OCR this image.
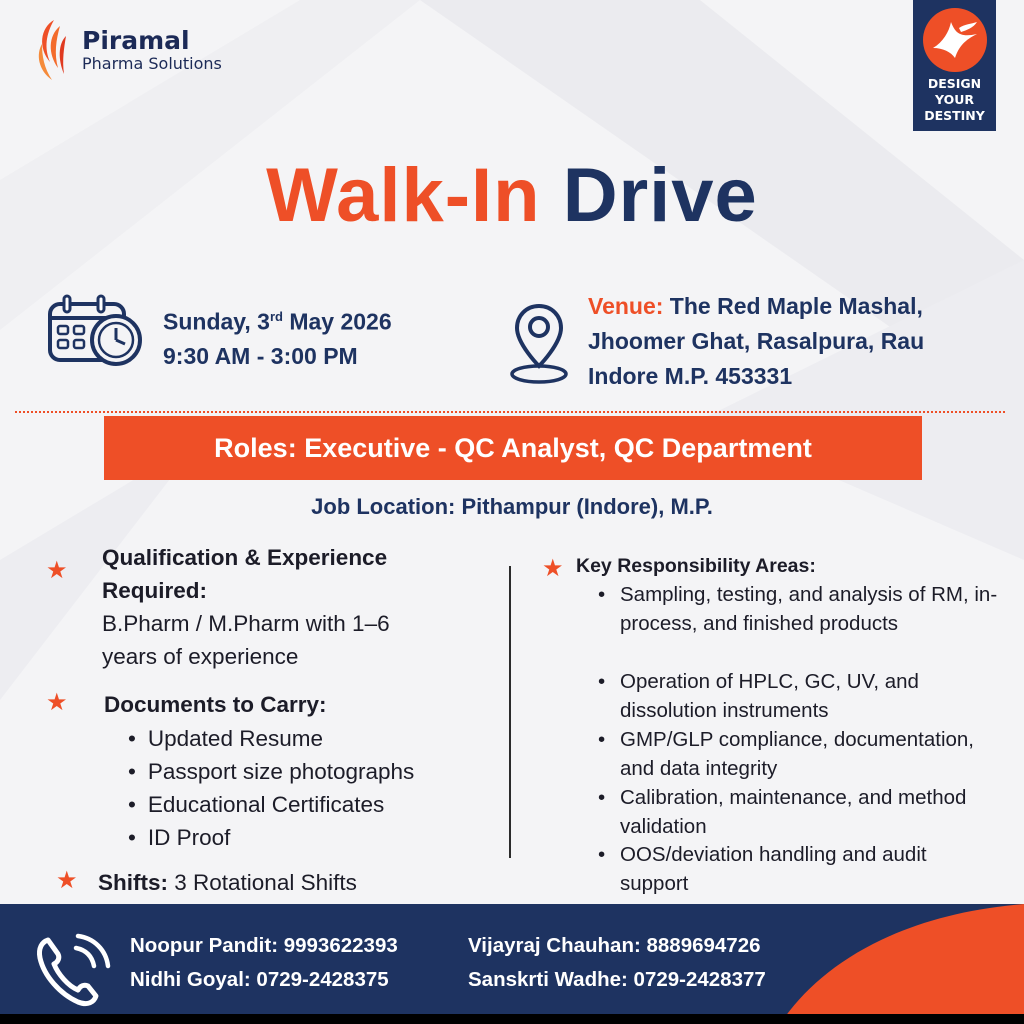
Piramal
Pharma Solutions
DESIGN
YOUR
DESTINY
Walk-In Drive
Sunday, 3rd May 2026
9:30 AM - 3:00 PM
Venue: The Red Maple Mashal,
Jhoomer Ghat, Rasalpura, Rau
Indore M.P. 453331
Roles: Executive - QC Analyst, QC Department
Job Location: Pithampur (Indore), M.P.
★ Qualification & Experience
Required:
B.Pharm / M.Pharm with 1–6
years of experience
★ Documents to Carry:
• Updated Resume
• Passport size photographs
• Educational Certificates
• ID Proof
★ Shifts: 3 Rotational Shifts
★ Key Responsibility Areas:
• Sampling, testing, and analysis of RM, in-process, and finished products
• Operation of HPLC, GC, UV, and dissolution instruments
• GMP/GLP compliance, documentation, and data integrity
• Calibration, maintenance, and method validation
• OOS/deviation handling and audit support
Noopur Pandit: 9993622393
Nidhi Goyal: 0729-2428375
Vijayraj Chauhan: 8889694726
Sanskrti Wadhe: 0729-2428377
